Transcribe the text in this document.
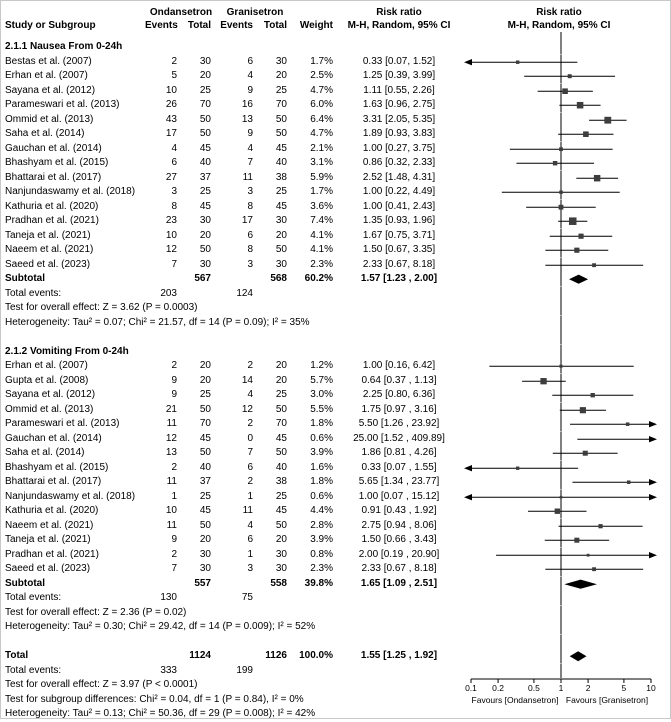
Ondansetron	Granisetron	Risk ratio	Risk ratio
Study or Subgroup	Events	Total Events	Total	Weight	M-H, Random, 95% CI	M-H, Random, 95% CI
2.1.1 Nausea From 0-24h
Bestas et al. (2007)	2	30	6	30	1.7%	0.33 [0.07, 1.52]
Erhan et al. (2007)	5	20	4	20	2.5%	1.25 [0.39, 3.99]
Sayana et al. (2012)	10	25	9	25	4.7%	1.11 [0.55, 2.26]
Parameswari et al. (2013)	26	70	16	70	6.0%	1.63 [0.96, 2.75]
Ommid et al. (2013)	43	50	13	50	6.4%	3.31 [2.05, 5.35]
Saha et al. (2014)	17	50	9	50	4.7%	1.89 [0.93, 3.83]
Gauchan et al. (2014)	4	45	4	45	2.1%	1.00 [0.27, 3.75]
Bhashyam et al. (2015)	6	40	7	40	3.1%	0.86 [0.32, 2.33]
Bhattarai et al. (2017)	27	37	11	38	5.9%	2.52 [1.48, 4.31]
Nanjundaswamy et al. (2018)	3	25	3	25	1.7%	1.00 [0.22, 4.49]
Kathuria et al. (2020)	8	45	8	45	3.6%	1.00 [0.41, 2.43]
Pradhan et al. (2021)	23	30	17	30	7.4%	1.35 [0.93, 1.96]
Taneja et al. (2021)	10	20	6	20	4.1%	1.67 [0.75, 3.71]
Naeem et al. (2021)	12	50	8	50	4.1%	1.50 [0.67, 3.35]
Saeed et al. (2023)	7	30	3	30	2.3%	2.33 [0.67, 8.18]
Subtotal	567	568	60.2%	1.57 [1.23 , 2.00]
Total events:	203	124
Test for overall effect: Z = 3.62 (P = 0.0003)
Heterogeneity: Tau² = 0.07; Chi² = 21.57, df = 14 (P = 0.09); I² = 35%
2.1.2 Vomiting From 0-24h
Erhan et al. (2007)	2	20	2	20	1.2%	1.00 [0.16, 6.42]
Gupta et al. (2008)	9	20	14	20	5.7%	0.64 [0.37 , 1.13]
Sayana et al. (2012)	9	25	4	25	3.0%	2.25 [0.80, 6.36]
Ommid et al. (2013)	21	50	12	50	5.5%	1.75 [0.97 , 3.16]
Parameswari et al. (2013)	11	70	2	70	1.8%	5.50 [1.26 , 23.92]
Gauchan et al. (2014)	12	45	0	45	0.6%	25.00 [1.52 , 409.89]
Saha et al. (2014)	13	50	7	50	3.9%	1.86 [0.81 , 4.26]
Bhashyam et al. (2015)	2	40	6	40	1.6%	0.33 [0.07 , 1.55]
Bhattarai et al. (2017)	11	37	2	38	1.8%	5.65 [1.34 , 23.77]
Nanjundaswamy et al. (2018)	1	25	1	25	0.6%	1.00 [0.07 , 15.12]
Kathuria et al. (2020)	10	45	11	45	4.4%	0.91 [0.43 , 1.92]
Naeem et al. (2021)	11	50	4	50	2.8%	2.75 [0.94 , 8.06]
Taneja et al. (2021)	9	20	6	20	3.9%	1.50 [0.66 , 3.43]
Pradhan et al. (2021)	2	30	1	30	0.8%	2.00 [0.19 , 20.90]
Saeed et al. (2023)	7	30	3	30	2.3%	2.33 [0.67 , 8.18]
Subtotal	557	558	39.8%	1.65 [1.09 , 2.51]
Total events:	130	75
Test for overall effect: Z = 2.36 (P = 0.02)
Heterogeneity: Tau² = 0.30; Chi² = 29.42, df = 14 (P = 0.009); I² = 52%
Total	1124	1126	100.0%	1.55 [1.25 , 1.92]
Total events:	333	199
Test for overall effect: Z = 3.97 (P < 0.0001)	0.1 0.2	0.5 1	2	5 10
Test for subgroup differences: Chi² = 0.04, df = 1 (P = 0.84), I² = 0%	Favours [Ondansetron] Favours [Granisetron]
Heterogeneity: Tau² = 0.13; Chi² = 50.36, df = 29 (P = 0.008); I² = 42%
